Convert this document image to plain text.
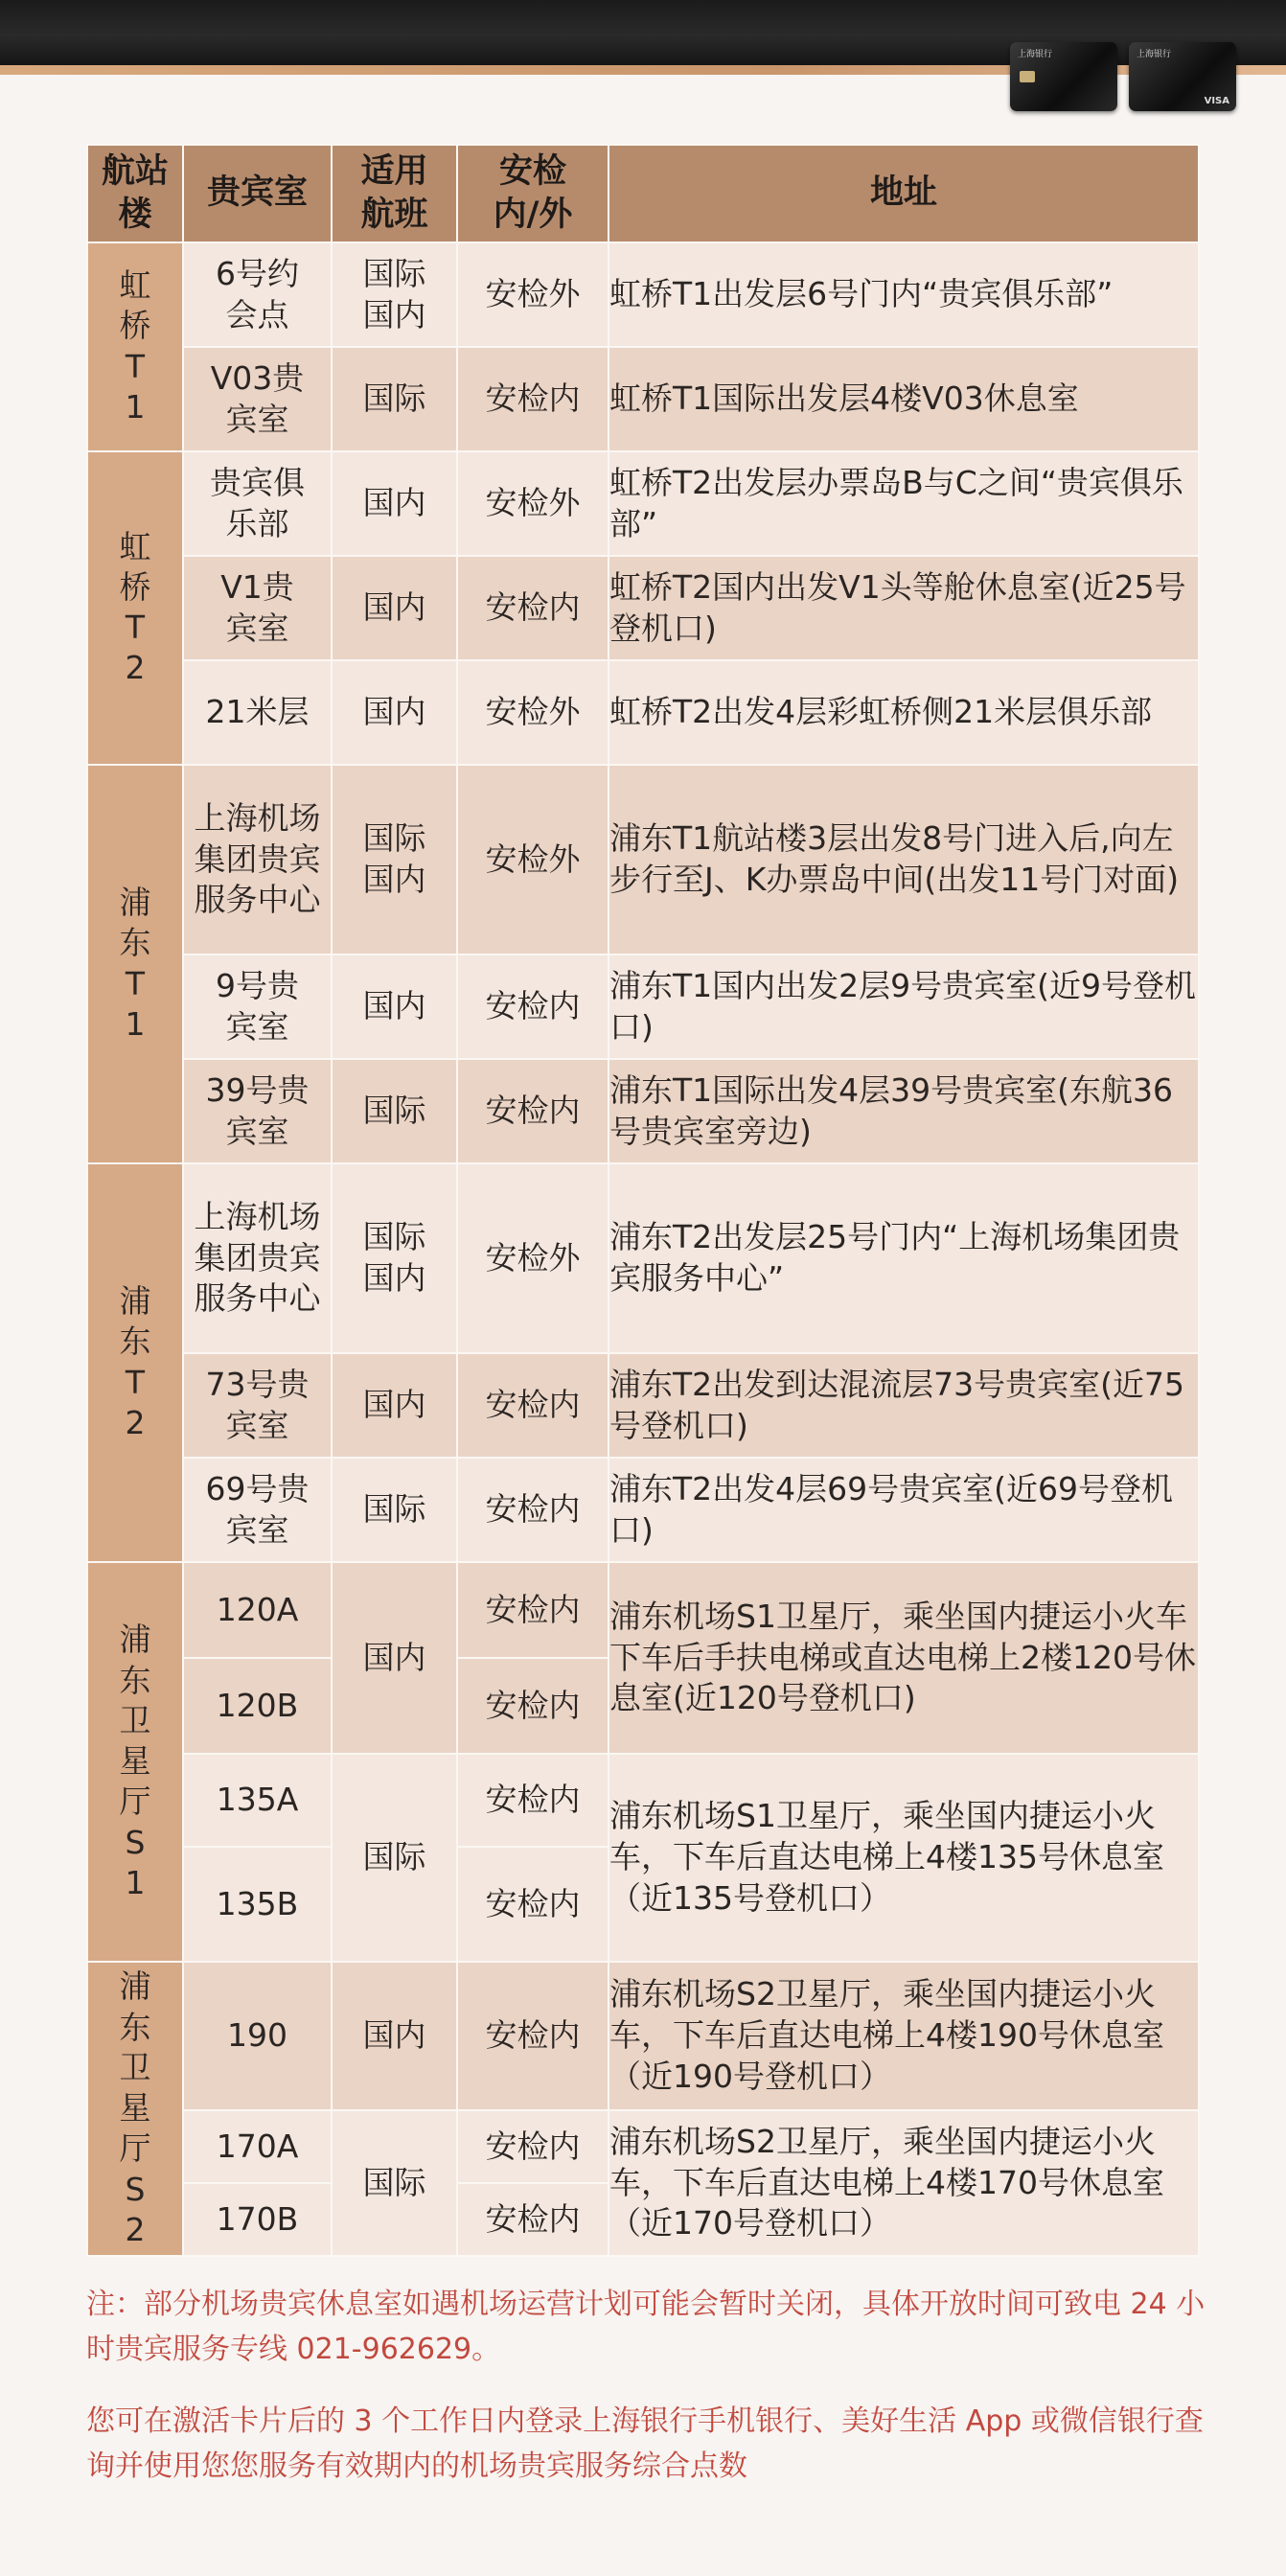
上海银行	上海银行
VISA
航站楼	贵宾室	适用航班	安检内/外	地址
虹桥T1	6号约会点	国际国内	安检外	虹桥T1出发层6号门内“贵宾俱乐部”
	V03贵宾室	国际	安检内	虹桥T1国际出发层4楼V03休息室
虹桥T2	贵宾俱乐部	国内	安检外	虹桥T2出发层办票岛B与C之间“贵宾俱乐部”
	V1贵宾室	国内	安检内	虹桥T2国内出发V1头等舱休息室(近25号登机口)
	21米层	国内	安检外	虹桥T2出发4层彩虹桥侧21米层俱乐部
浦东T1	上海机场集团贵宾服务中心	国际国内	安检外	浦东T1航站楼3层出发8号门进入后,向左步行至J、K办票岛中间(出发11号门对面)
	9号贵宾室	国内	安检内	浦东T1国内出发2层9号贵宾室(近9号登机口)
	39号贵宾室	国际	安检内	浦东T1国际出发4层39号贵宾室(东航36号贵宾室旁边)
浦东T2	上海机场集团贵宾服务中心	国际国内	安检外	浦东T2出发层25号门内“上海机场集团贵宾服务中心”
	73号贵宾室	国内	安检内	浦东T2出发到达混流层73号贵宾室(近75号登机口)
	69号贵宾室	国际	安检内	浦东T2出发4层69号贵宾室(近69号登机口)
浦东卫星厅S1	120A	国内	安检内	浦东机场S1卫星厅，乘坐国内捷运小火车下车后手扶电梯或直达电梯上2楼120号休息室(近120号登机口)
	120B		安检内	
	135A	国际	安检内	浦东机场S1卫星厅，乘坐国内捷运小火车，下车后直达电梯上4楼135号休息室（近135号登机口）
	135B		安检内	
浦东卫星厅S2	190	国内	安检内	浦东机场S2卫星厅，乘坐国内捷运小火车，下车后直达电梯上4楼190号休息室（近190号登机口）
	170A	国际	安检内	浦东机场S2卫星厅，乘坐国内捷运小火车，下车后直达电梯上4楼170号休息室（近170号登机口）
	170B		安检内	
注：部分机场贵宾休息室如遇机场运营计划可能会暂时关闭，具体开放时间可致电 24 小时贵宾服务专线 021-962629。
您可在激活卡片后的 3 个工作日内登录上海银行手机银行、美好生活 App 或微信银行查询并使用您您服务有效期内的机场贵宾服务综合点数
